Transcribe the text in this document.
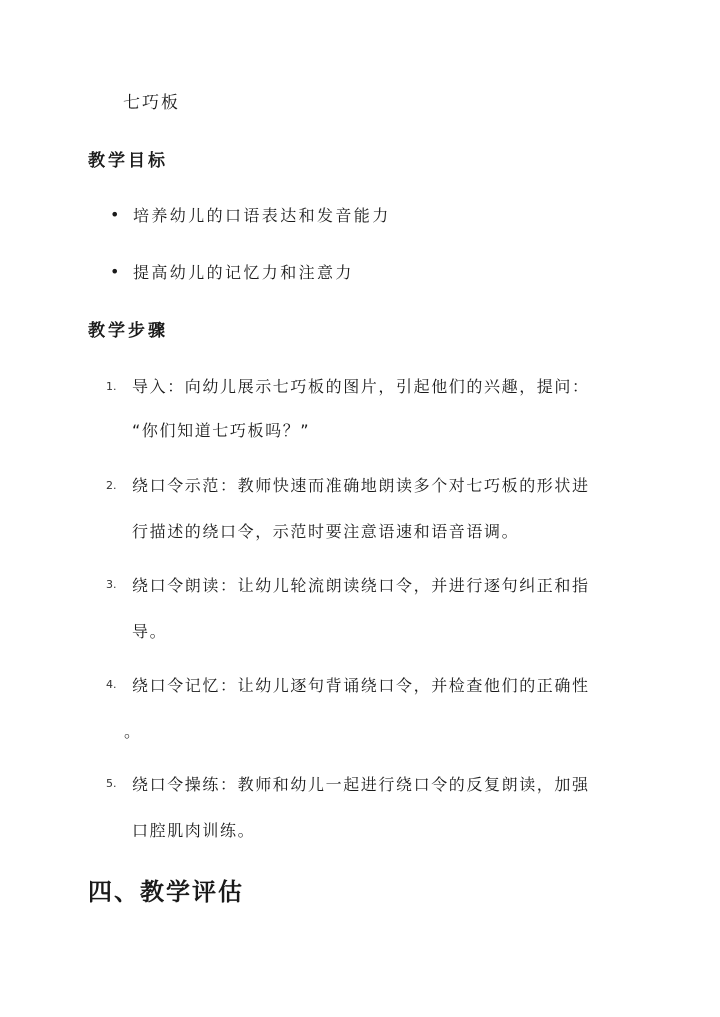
七巧板
教学目标
• 培养幼儿的口语表达和发音能力
• 提高幼儿的记忆力和注意力
教学步骤
1. 导入：向幼儿展示七巧板的图片，引起他们的兴趣，提问：
“你们知道七巧板吗？”
2. 绕口令示范：教师快速而准确地朗读多个对七巧板的形状进
行描述的绕口令，示范时要注意语速和语音语调。
3. 绕口令朗读：让幼儿轮流朗读绕口令，并进行逐句纠正和指
导。
4. 绕口令记忆：让幼儿逐句背诵绕口令，并检查他们的正确性
。
5. 绕口令操练：教师和幼儿一起进行绕口令的反复朗读，加强
口腔肌肉训练。
四、教学评估
